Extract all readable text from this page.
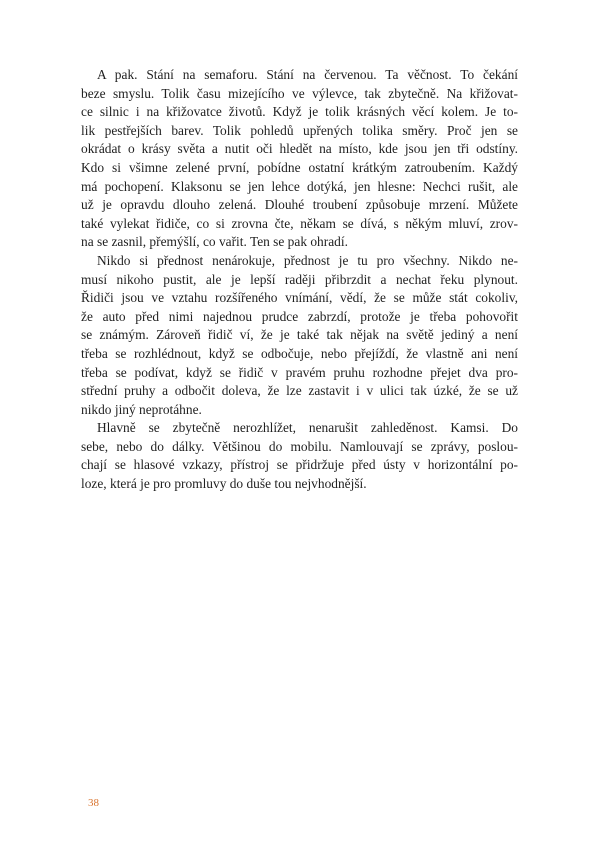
A pak. Stání na semaforu. Stání na červenou. Ta věčnost. To čekání
beze smyslu. Tolik času mizejícího ve výlevce, tak zbytečně. Na křižovat-
ce silnic i na křižovatce životů. Když je tolik krásných věcí kolem. Je to-
lik pestřejších barev. Tolik pohledů upřených tolika směry. Proč jen se
okrádat o krásy světa a nutit oči hledět na místo, kde jsou jen tři odstíny.
Kdo si všimne zelené první, pobídne ostatní krátkým zatroubením. Každý
má pochopení. Klaksonu se jen lehce dotýká, jen hlesne: Nechci rušit, ale
už je opravdu dlouho zelená. Dlouhé troubení způsobuje mrzení. Můžete
také vylekat řidiče, co si zrovna čte, někam se dívá, s někým mluví, zrov-
na se zasnil, přemýšlí, co vařit. Ten se pak ohradí.
Nikdo si přednost nenárokuje, přednost je tu pro všechny. Nikdo ne-
musí nikoho pustit, ale je lepší raději přibrzdit a nechat řeku plynout.
Řidiči jsou ve vztahu rozšířeného vnímání, vědí, že se může stát cokoliv,
že auto před nimi najednou prudce zabrzdí, protože je třeba pohovořit
se známým. Zároveň řidič ví, že je také tak nějak na světě jediný a není
třeba se rozhlédnout, když se odbočuje, nebo přejíždí, že vlastně ani není
třeba se podívat, když se řidič v pravém pruhu rozhodne přejet dva pro-
střední pruhy a odbočit doleva, že lze zastavit i v ulici tak úzké, že se už
nikdo jiný neprotáhne.
Hlavně se zbytečně nerozhlížet, nenarušit zahleděnost. Kamsi. Do
sebe, nebo do dálky. Většinou do mobilu. Namlouvají se zprávy, poslou-
chají se hlasové vzkazy, přístroj se přidržuje před ústy v horizontální po-
loze, která je pro promluvy do duše tou nejvhodnější.
38
